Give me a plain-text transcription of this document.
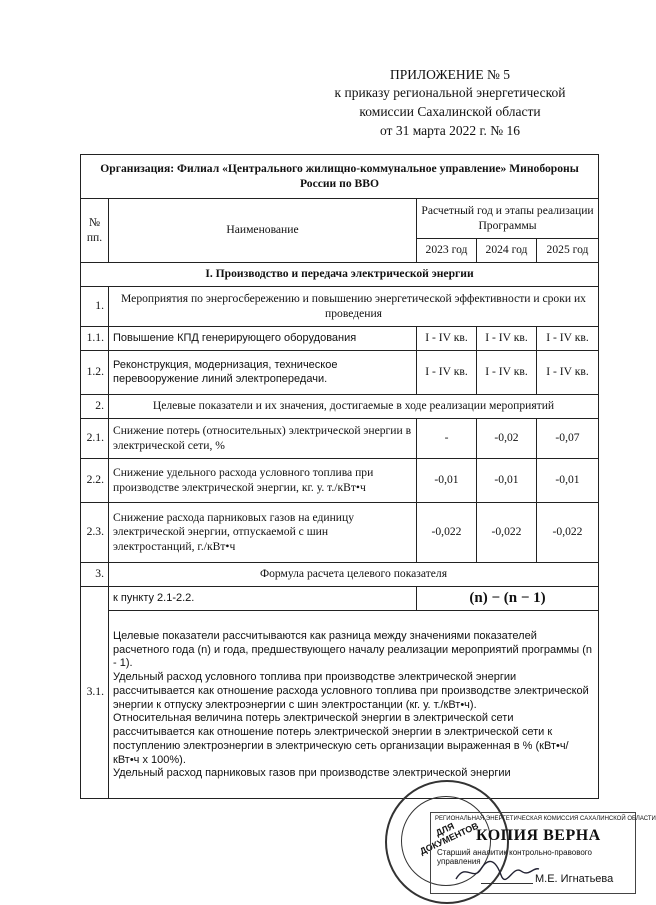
ПРИЛОЖЕНИЕ № 5
к приказу региональной энергетической
комиссии Сахалинской области
от 31 марта 2022 г. № 16
Организация: Филиал «Центрального жилищно-коммунальное управление» Минобороны России по ВВО				
№ пп.	Наименование	Расчетный год и этапы реализации Программы		
		2023 год	2024 год	2025 год
I. Производство и передача электрической энергии				
1.	Мероприятия по энергосбережению и повышению энергетической эффективности и сроки их проведения			
1.1.	Повышение КПД генерирующего оборудования	I - IV кв.	I - IV кв.	I - IV кв.
1.2.	Реконструкция, модернизация, техническое перевооружение линий электропередачи.	I - IV кв.	I - IV кв.	I - IV кв.
2.	Целевые показатели и их значения, достигаемые в ходе реализации мероприятий			
2.1.	Снижение потерь (относительных) электрической энергии в электрической сети, %	-	-0,02	-0,07
2.2.	Снижение удельного расхода условного топлива при производстве электрической энергии, кг. у. т./кВт•ч	-0,01	-0,01	-0,01
2.3.	Снижение расхода парниковых газов на единицу электрической энергии, отпускаемой с шин электростанций, г./кВт•ч	-0,022	-0,022	-0,022
3.	Формула расчета целевого показателя			
3.1.	к пункту 2.1-2.2.	(n) − (n − 1)		

	Целевые показатели рассчитываются как разница между значениями показателей расчетного года (n) и года, предшествующего началу реализации мероприятий программы (n - 1).
Удельный расход условного топлива при производстве электрической энергии рассчитывается как отношение расхода условного топлива при производстве электрической энергии к отпуску электроэнергии с шин электростанции (кг. у. т./кВт•ч).
Относительная величина потерь электрической энергии в электрической сети рассчитывается как отношение потерь электрической энергии в электрической сети к поступлению электроэнергии в электрическую сеть организации выраженная в % (кВт•ч/кВт•ч х 100%).
Удельный расход парниковых газов при производстве электрической энергии			
ДЛЯ ДОКУМЕНТОВ
РЕГИОНАЛЬНАЯ ЭНЕРГЕТИЧЕСКАЯ КОМИССИЯ САХАЛИНСКОЙ ОБЛАСТИ
КОПИЯ ВЕРНА
Старший аналитик контрольно-правового управления
М.Е. Игнатьева
